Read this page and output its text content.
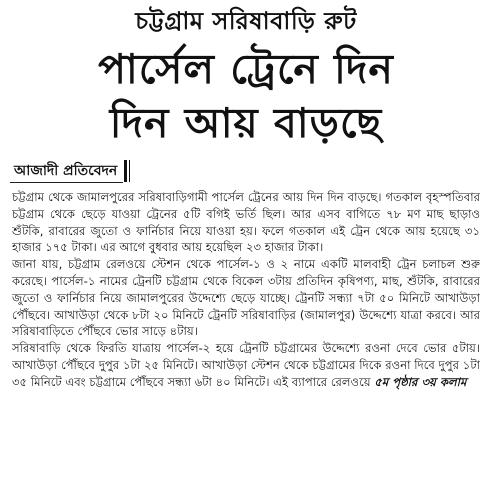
চট্টগ্রাম সরিষাবাড়ি রুট
পার্সেল ট্রেনে দিন
দিন আয় বাড়ছে
আজাদী প্রতিবেদন

চট্টগ্রাম থেকে জামালপুরের সরিষাবাড়িগামী পার্সেল ট্রেনের আয় দিন দিন বাড়ছে। গতকাল বৃহস্পতিবার চট্টগ্রাম থেকে ছেড়ে যাওয়া ট্রেনের ৫টি বগিই ভর্তি ছিল। আর এসব বাগিতে ৭৮ মণ মাছ ছাড়াও শুঁটকি, রাবারের জুতো ও ফার্নিচার নিয়ে যাওয়া হয়। ফলে গতকাল এই ট্রেন থেকে আয় হয়েছে ৩১ হাজার ১৭৫ টাকা। এর আগে বুধবার আয় হয়েছিল ২৩ হাজার টাকা।

জানা যায়, চট্টগ্রাম রেলওয়ে স্টেশন থেকে পার্সেল-১ ও ২ নামে একটি মালবাহী ট্রেন চলাচল শুরু করেছে। পার্সেল-১ নামের ট্রেনটি চট্টগ্রাম থেকে বিকেল ৩টায় প্রতিদিন কৃষিপণ্য, মাছ, শুঁটকি, রাবারের জুতো ও ফার্নিচার নিয়ে জামালপুরের উদ্দেশ্যে ছেড়ে যাচ্ছে। ট্রেনটি সন্ধ্যা ৭টা ৫০ মিনিটে আখাউড়া পৌঁছবে। আখাউড়া থেকে ৮টা ২০ মিনিটে ট্রেনটি সরিষাবাড়ির (জামালপুর) উদ্দেশ্যে যাত্রা করবে। আর সরিষাবাড়িতে পৌঁছবে ভোর সাড়ে ৪টায়।

সরিষাবাড়ি থেকে ফিরতি যাত্রায় পার্সেল-২ হয়ে ট্রেনটি চট্টগ্রামের উদ্দেশ্যে রওনা দেবে ভোর ৫টায়। আখাউড়া পৌঁছবে দুপুর ১টা ২৫ মিনিটে। আখাউড়া স্টেশন থেকে চট্টগ্রামের দিকে রওনা দিবে দুপুর ১টা ৩৫ মিনিটে এবং চট্টগ্রামে পৌঁছবে সন্ধ্যা ৬টা ৪০ মিনিটে। এই ব্যাপারে রেলওয়ে ৫ম পৃষ্ঠার ৩য় কলাম
